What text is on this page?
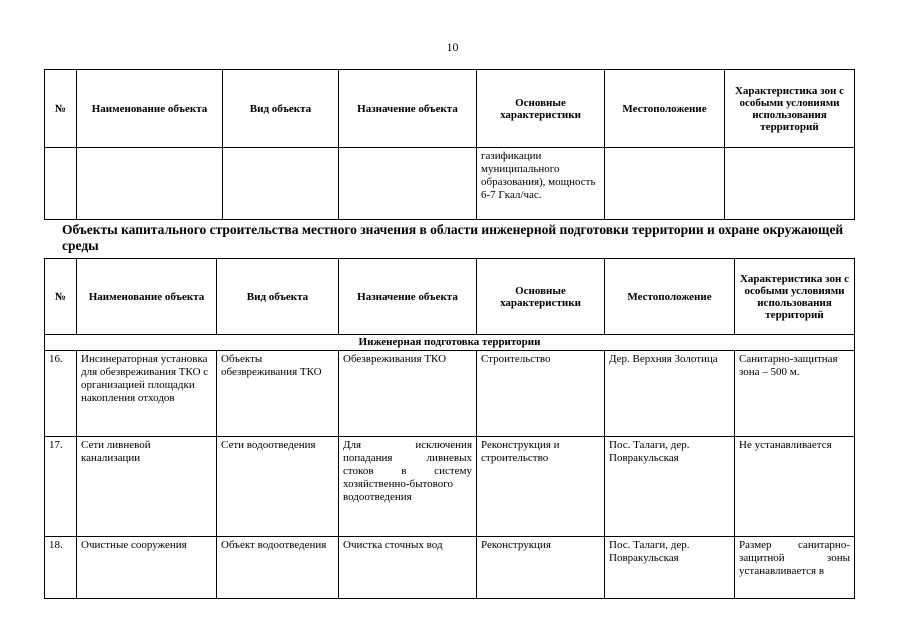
10
№	Наименование объекта	Вид объекта	Назначение объекта	Основные характеристики	Местоположение	Характеристика зон с особыми условиями использования территорий
				газификации муниципального образования), мощность 6-7 Гкал/час.		
Объекты капитального строительства местного значения в области инженерной подготовки территории и охране окружающей среды
№	Наименование объекта	Вид объекта	Назначение объекта	Основные характеристики	Местоположение	Характеристика зон с особыми условиями использования территорий
Инженерная подготовка территории						
16.	Инсинераторная установка для обезвреживания ТКО с организацией площадки накопления отходов	Объекты обезвреживания ТКО	Обезвреживания ТКО	Строительство	Дер. Верхняя Золотица	Санитарно-защитная зона – 500 м.
17.	Сети ливневой канализации	Сети водоотведения	Для исключения попадания ливневых стоков в систему хозяйственно-бытового водоотведения	Реконструкция и строительство	Пос. Талаги, дер. Повракульская	Не устанавливается
18.	Очистные сооружения	Объект водоотведения	Очистка сточных вод	Реконструкция	Пос. Талаги, дер. Повракульская	Размер санитарно-защитной зоны устанавливается в
